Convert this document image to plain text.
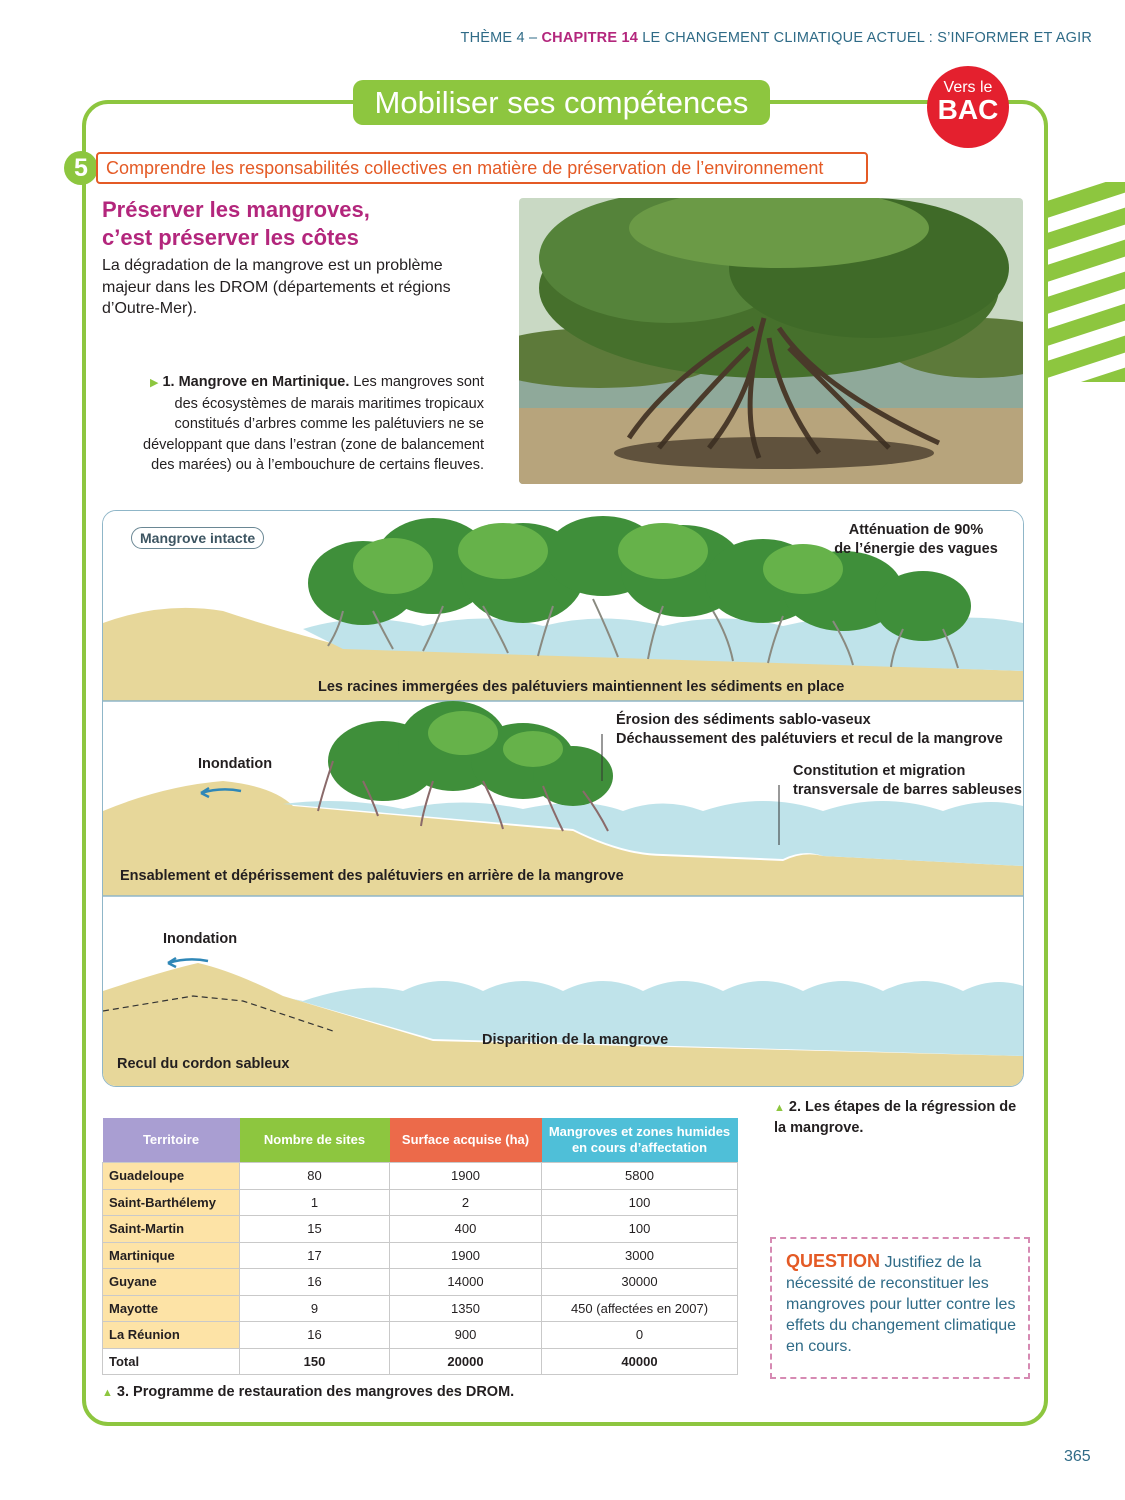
THÈME 4 – CHAPITRE 14 LE CHANGEMENT CLIMATIQUE ACTUEL : S’INFORMER ET AGIR
Mobiliser ses compétences	Vers le
BAC
5	Comprendre les responsabilités collectives en matière de préservation de l’environnement
Préserver les mangroves,
c’est préserver les côtes
La dégradation de la mangrove est un problème majeur dans les DROM (départements et régions d’Outre-Mer).
▶ 1. Mangrove en Martinique. Les mangroves sont des écosystèmes de marais maritimes tropicaux constitués d’arbres comme les palétuviers ne se développant que dans l’estran (zone de balancement des marées) ou à l’embouchure de certains fleuves.
Mangrove intacte	Atténuation de 90%
de l’énergie des vagues
Les racines immergées des palétuviers maintiennent les sédiments en place
Inondation
Érosion des sédiments sablo-vaseux
Déchaussement des palétuviers et recul de la mangrove
Constitution et migration
transversale de barres sableuses
Ensablement et dépérissement des palétuviers en arrière de la mangrove
Inondation
Disparition de la mangrove
Recul du cordon sableux
▲ 2. Les étapes de la régression de la mangrove.
Territoire	Nombre de sites	Surface acquise (ha)	Mangroves et zones humides en cours d’affectation
Guadeloupe	80	1900	5800
Saint-Barthélemy	1	2	100
Saint-Martin	15	400	100
Martinique	17	1900	3000
Guyane	16	14000	30000
Mayotte	9	1350	450 (affectées en 2007)
La Réunion	16	900	0
Total	150	20000	40000
▲ 3. Programme de restauration des mangroves des DROM.
QUESTION Justifiez de la nécessité de reconstituer les mangroves pour lutter contre les effets du changement climatique en cours.
365
